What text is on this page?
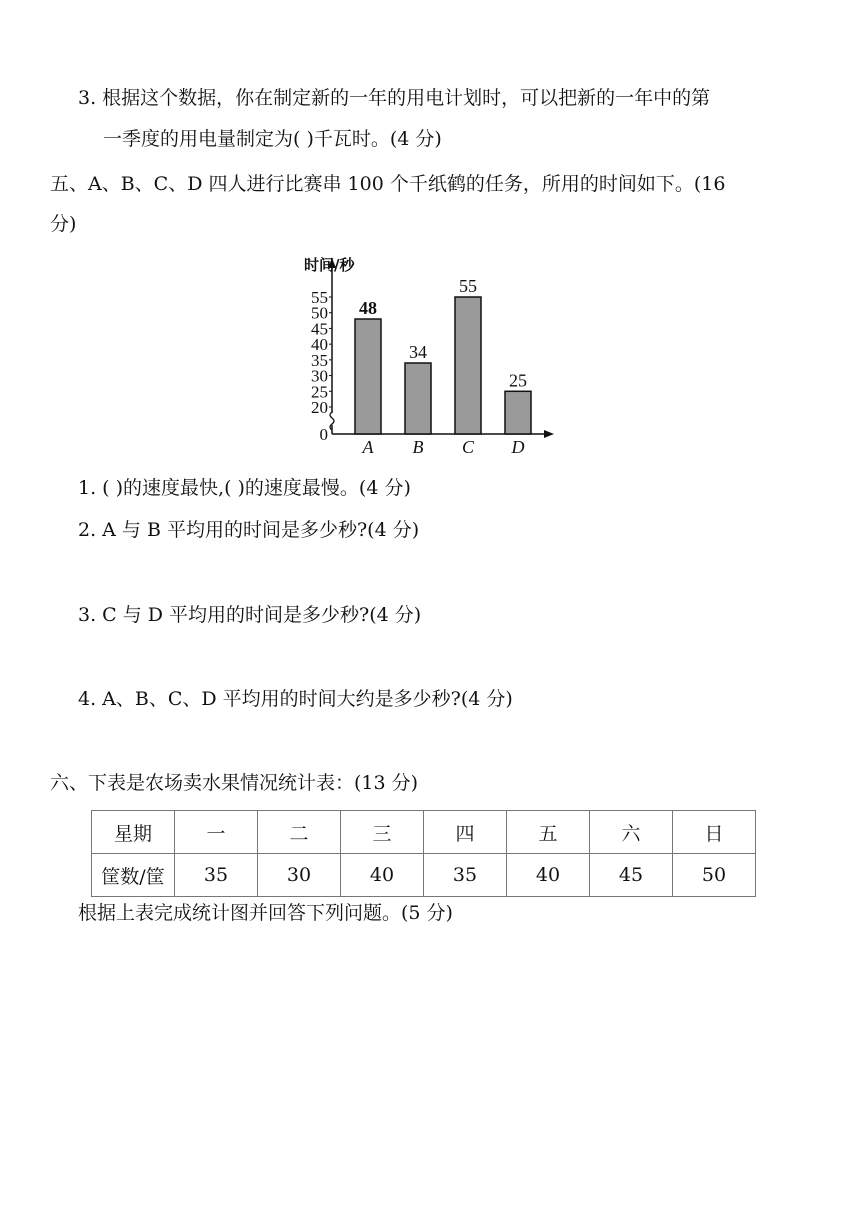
3. 根据这个数据，你在制定新的一年的用电计划时，可以把新的一年中的第
一季度的用电量制定为( )千瓦时。(4 分)
五、A、B、C、D 四人进行比赛串 100 个千纸鹤的任务，所用的时间如下。(16
分)
时间/秒
0
20
25
30
35
40
45
50
55
48
A
34
B
55
C
25
D
1. ( )的速度最快,( )的速度最慢。(4 分)
2. A 与 B 平均用的时间是多少秒?(4 分)
3. C 与 D 平均用的时间是多少秒?(4 分)
4. A、B、C、D 平均用的时间大约是多少秒?(4 分)
六、下表是农场卖水果情况统计表：(13 分)
星期	一	二	三	四	五	六	日
筐数/筐	35	30	40	35	40	45	50
根据上表完成统计图并回答下列问题。(5 分)
